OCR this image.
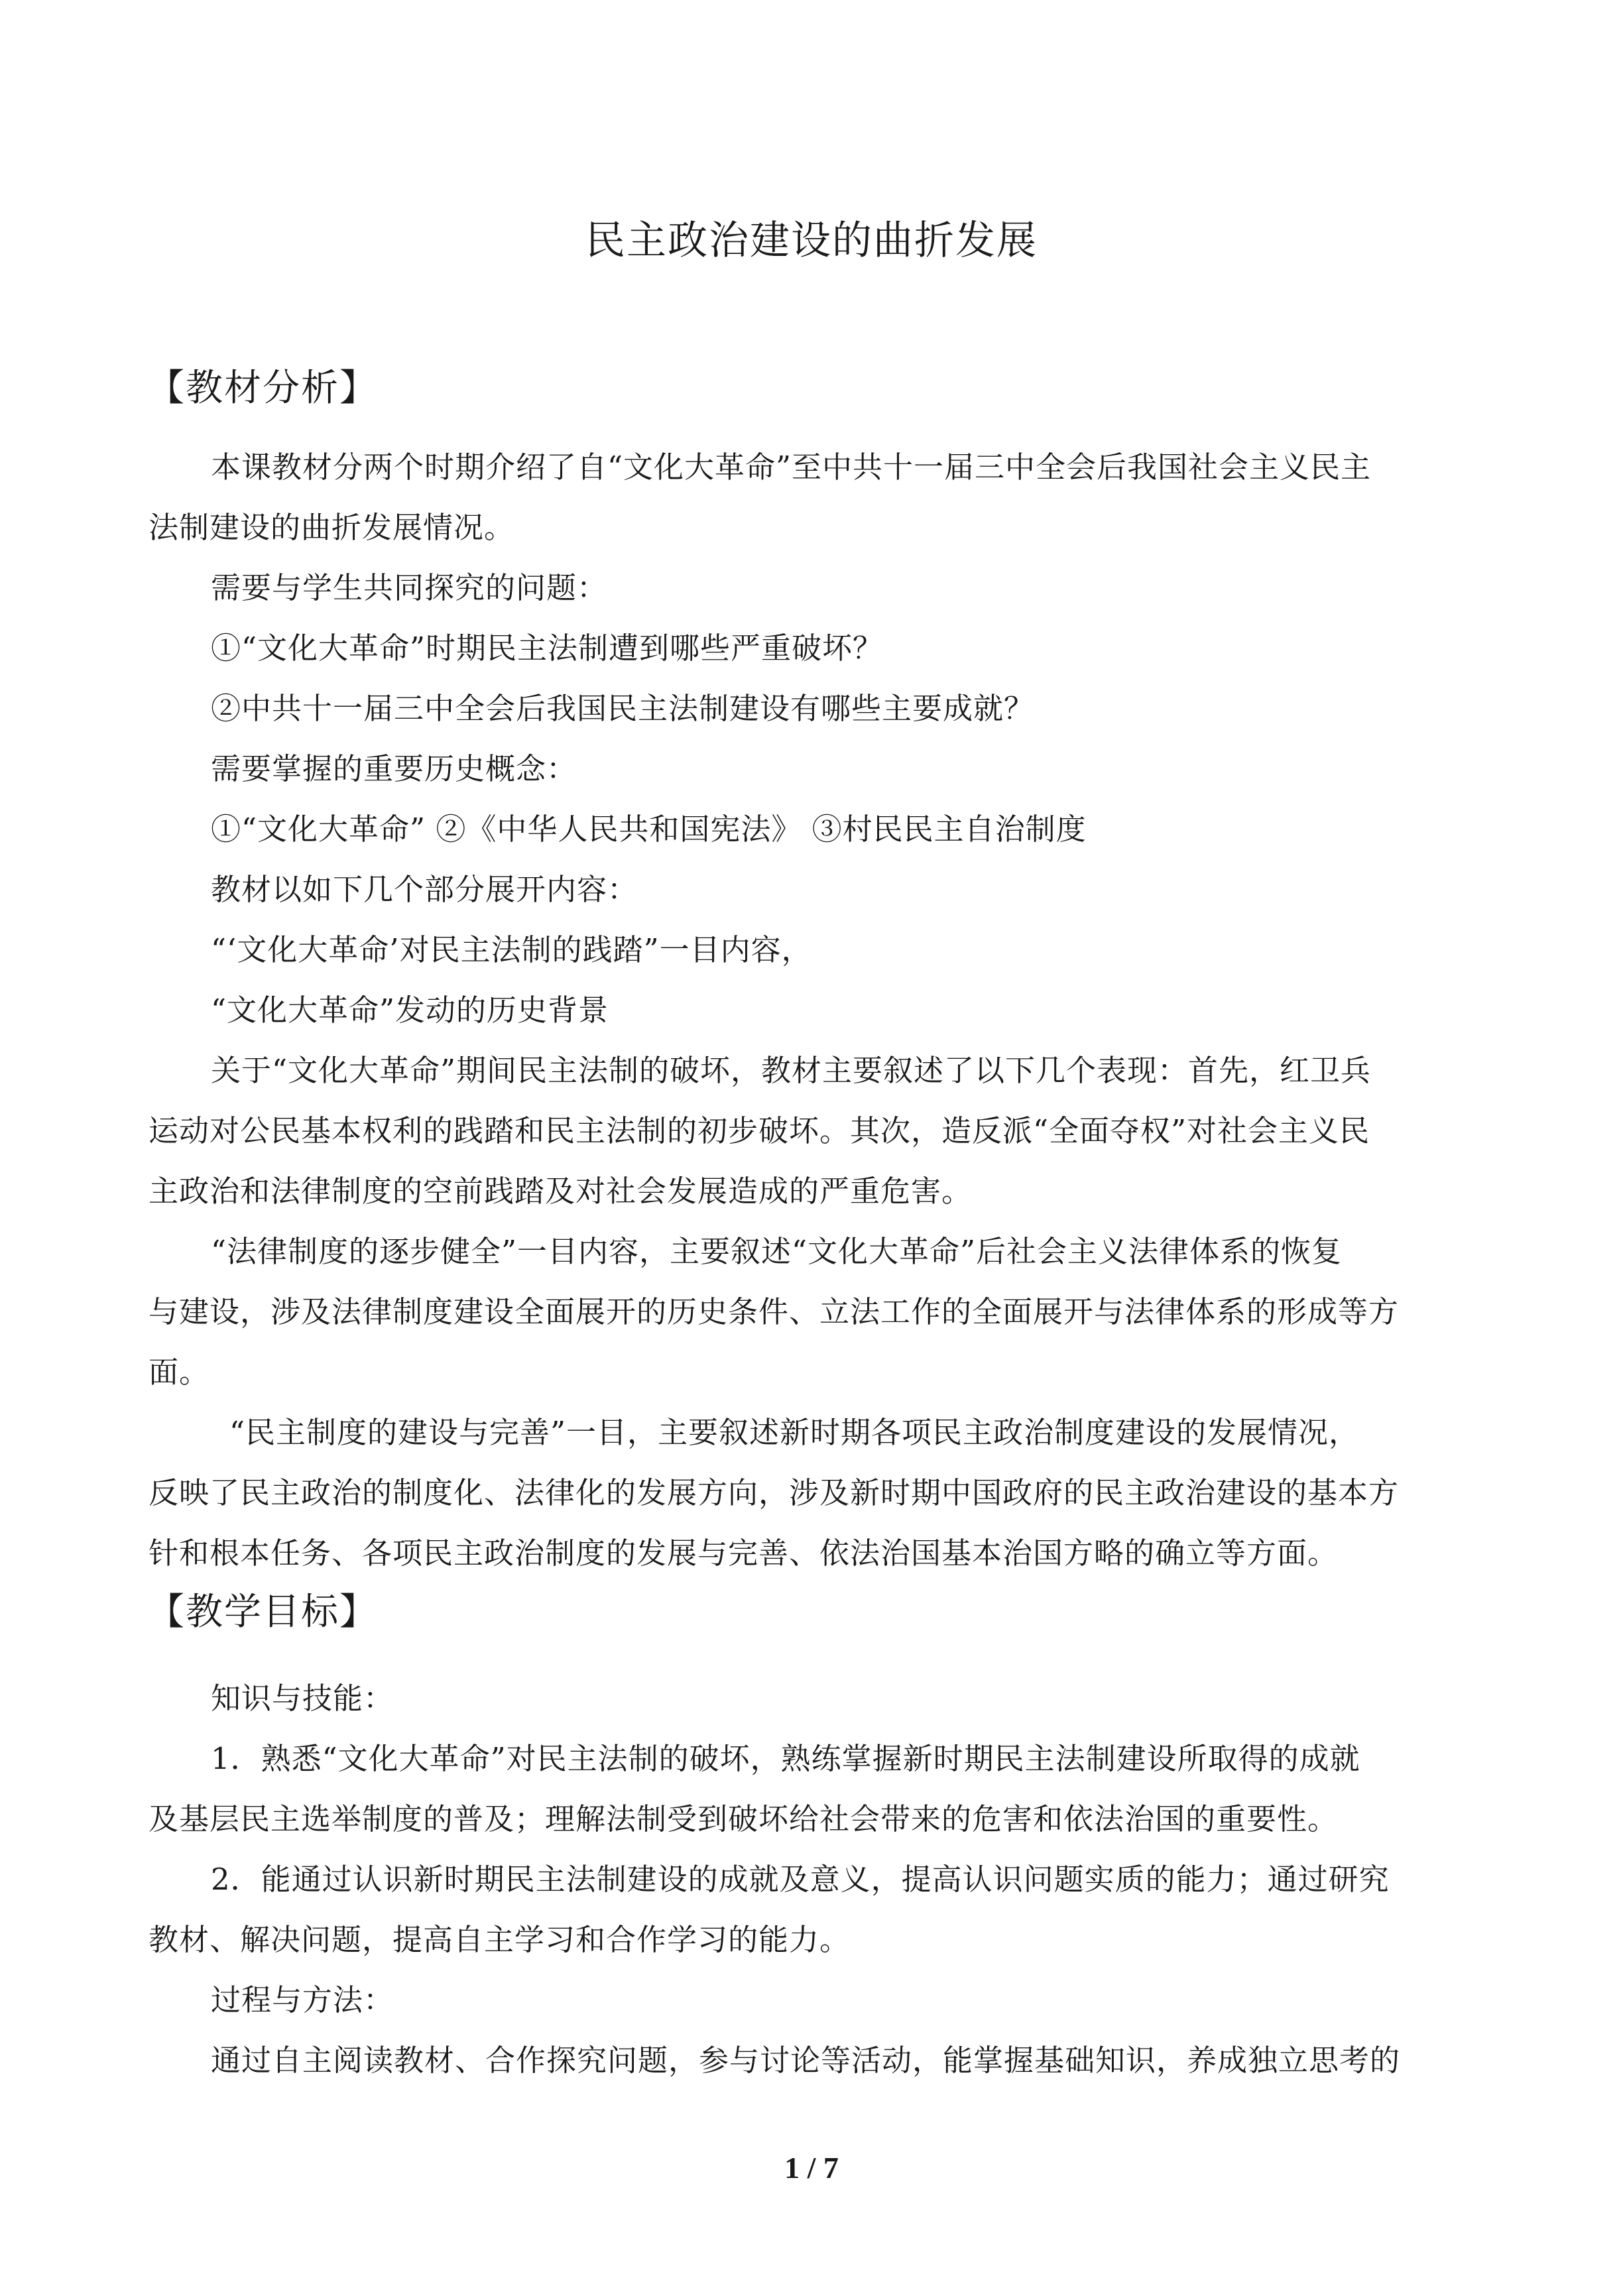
民主政治建设的曲折发展
【教材分析】
本课教材分两个时期介绍了自“文化大革命”至中共十一届三中全会后我国社会主义民主
法制建设的曲折发展情况。
需要与学生共同探究的问题：
①“文化大革命”时期民主法制遭到哪些严重破坏？
②中共十一届三中全会后我国民主法制建设有哪些主要成就？
需要掌握的重要历史概念：
①“文化大革命” ②《中华人民共和国宪法》 ③村民民主自治制度
教材以如下几个部分展开内容：
“‘文化大革命’对民主法制的践踏”一目内容，
“文化大革命”发动的历史背景
关于“文化大革命”期间民主法制的破坏，教材主要叙述了以下几个表现：首先，红卫兵
运动对公民基本权利的践踏和民主法制的初步破坏。其次，造反派“全面夺权”对社会主义民
主政治和法律制度的空前践踏及对社会发展造成的严重危害。
“法律制度的逐步健全”一目内容，主要叙述“文化大革命”后社会主义法律体系的恢复
与建设，涉及法律制度建设全面展开的历史条件、立法工作的全面展开与法律体系的形成等方
面。
“民主制度的建设与完善”一目，主要叙述新时期各项民主政治制度建设的发展情况，
反映了民主政治的制度化、法律化的发展方向，涉及新时期中国政府的民主政治建设的基本方
针和根本任务、各项民主政治制度的发展与完善、依法治国基本治国方略的确立等方面。
【教学目标】
知识与技能：
1．熟悉“文化大革命”对民主法制的破坏，熟练掌握新时期民主法制建设所取得的成就
及基层民主选举制度的普及；理解法制受到破坏给社会带来的危害和依法治国的重要性。
2．能通过认识新时期民主法制建设的成就及意义，提高认识问题实质的能力；通过研究
教材、解决问题，提高自主学习和合作学习的能力。
过程与方法：
通过自主阅读教材、合作探究问题，参与讨论等活动，能掌握基础知识，养成独立思考的
1 / 7
